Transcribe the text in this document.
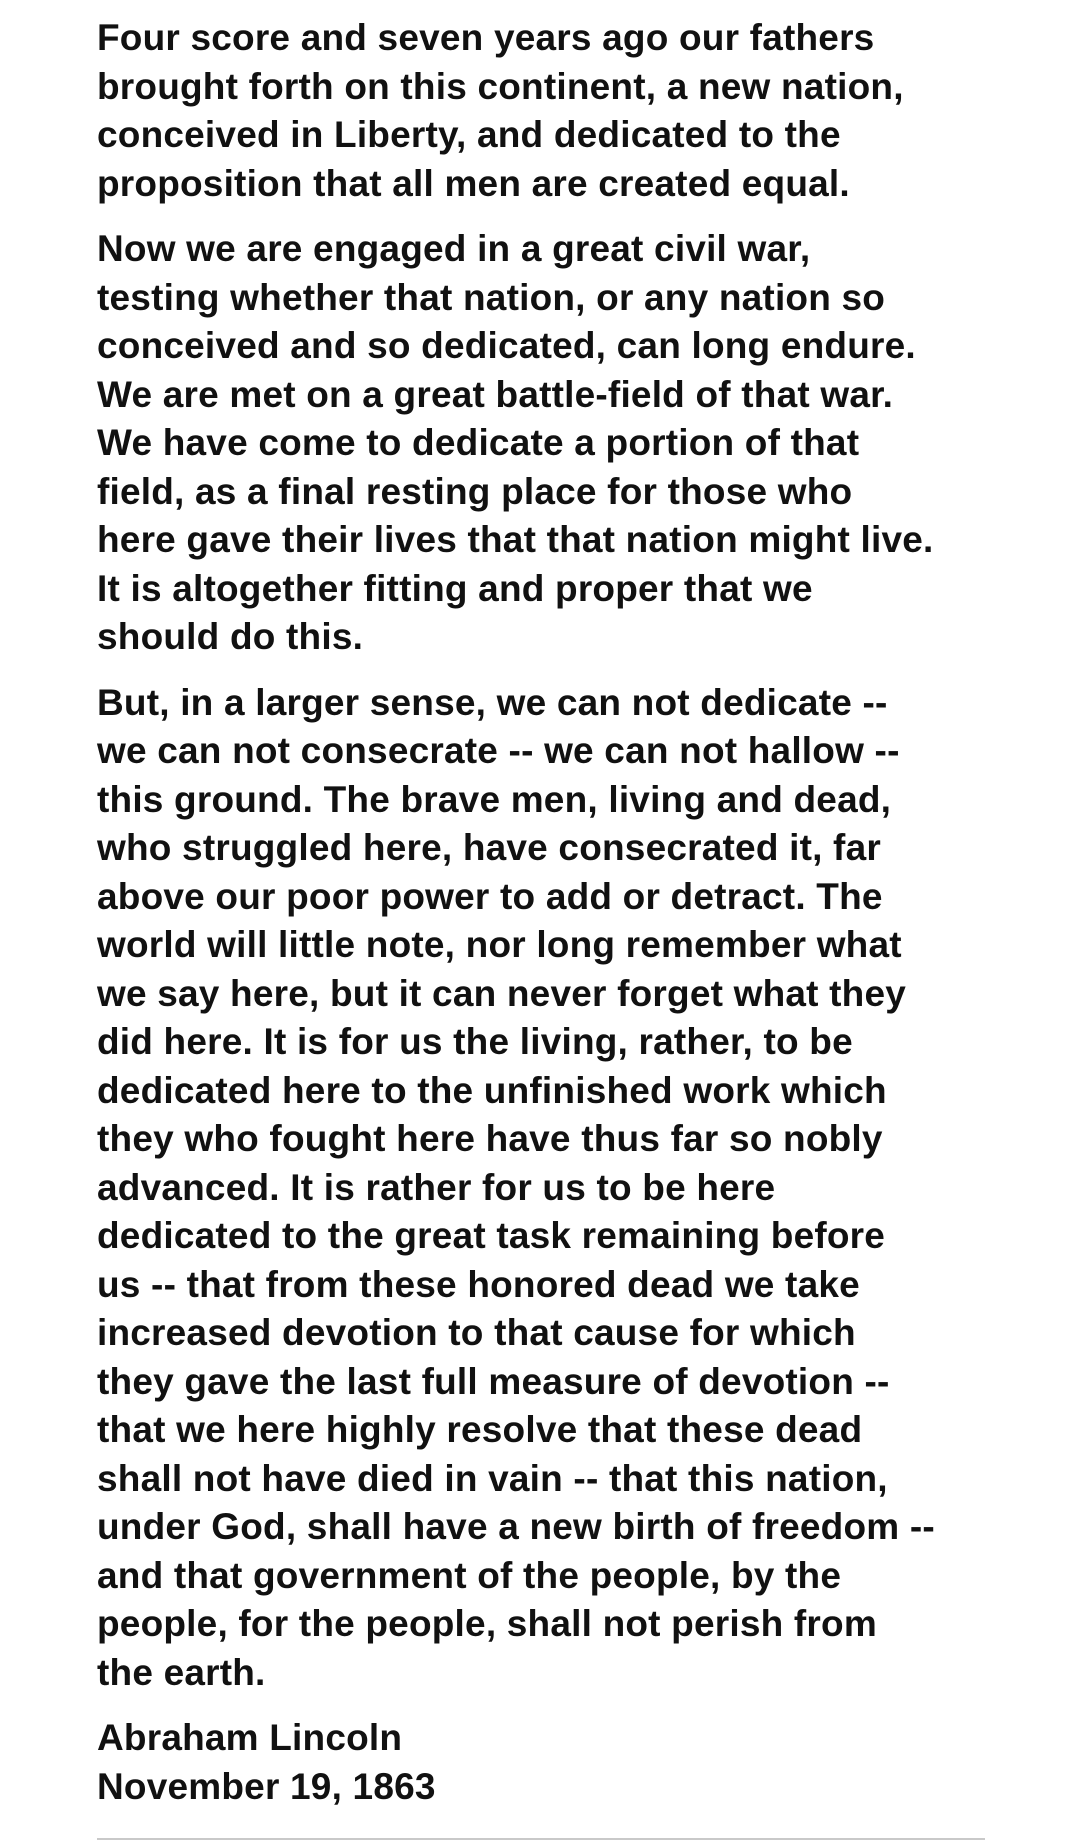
Four score and seven years ago our fathers
brought forth on this continent, a new nation,
conceived in Liberty, and dedicated to the
proposition that all men are created equal.
Now we are engaged in a great civil war,
testing whether that nation, or any nation so
conceived and so dedicated, can long endure.
We are met on a great battle-field of that war.
We have come to dedicate a portion of that
field, as a final resting place for those who
here gave their lives that that nation might live.
It is altogether fitting and proper that we
should do this.
But, in a larger sense, we can not dedicate --
we can not consecrate -- we can not hallow --
this ground. The brave men, living and dead,
who struggled here, have consecrated it, far
above our poor power to add or detract. The
world will little note, nor long remember what
we say here, but it can never forget what they
did here. It is for us the living, rather, to be
dedicated here to the unfinished work which
they who fought here have thus far so nobly
advanced. It is rather for us to be here
dedicated to the great task remaining before
us -- that from these honored dead we take
increased devotion to that cause for which
they gave the last full measure of devotion --
that we here highly resolve that these dead
shall not have died in vain -- that this nation,
under God, shall have a new birth of freedom --
and that government of the people, by the
people, for the people, shall not perish from
the earth.
Abraham Lincoln
November 19, 1863
